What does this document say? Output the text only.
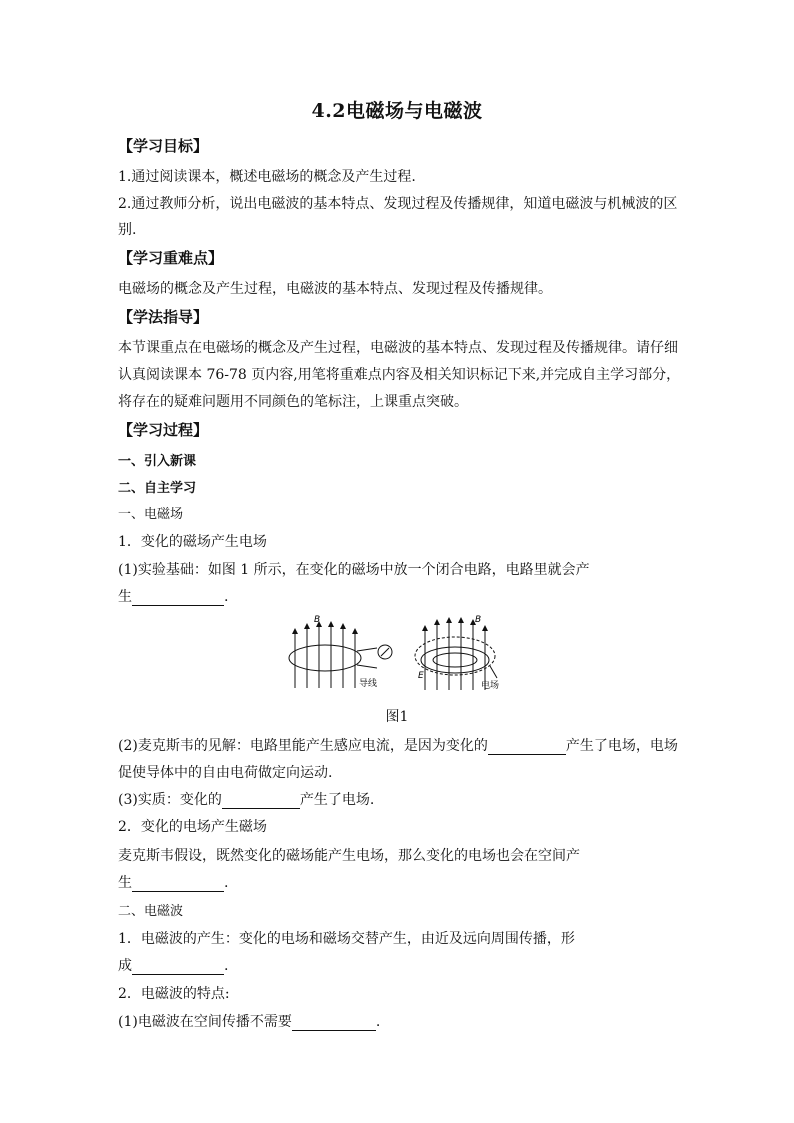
4.2电磁场与电磁波
【学习目标】
1.通过阅读课本，概述电磁场的概念及产生过程.
2.通过教师分析，说出电磁波的基本特点、发现过程及传播规律，知道电磁波与机械波的区
别.
【学习重难点】
电磁场的概念及产生过程，电磁波的基本特点、发现过程及传播规律。
【学法指导】
本节课重点在电磁场的概念及产生过程，电磁波的基本特点、发现过程及传播规律。请仔细
认真阅读课本 76-78 页内容,用笔将重难点内容及相关知识标记下来,并完成自主学习部分，
将存在的疑难问题用不同颜色的笔标注，上课重点突破。
【学习过程】
一、引入新课
二、自主学习
一、电磁场
1．变化的磁场产生电场
(1)实验基础：如图 1 所示，在变化的磁场中放一个闭合电路，电路里就会产
生	.
B
导线
B
E
电场
图1
(2)麦克斯韦的见解：电路里能产生感应电流，是因为变化的	产生了电场，电场
促使导体中的自由电荷做定向运动.
(3)实质：变化的	产生了电场.
2．变化的电场产生磁场
麦克斯韦假设，既然变化的磁场能产生电场，那么变化的电场也会在空间产
生	.
二、电磁波
1．电磁波的产生：变化的电场和磁场交替产生，由近及远向周围传播，形
成	.
2．电磁波的特点:
(1)电磁波在空间传播不需要	.
